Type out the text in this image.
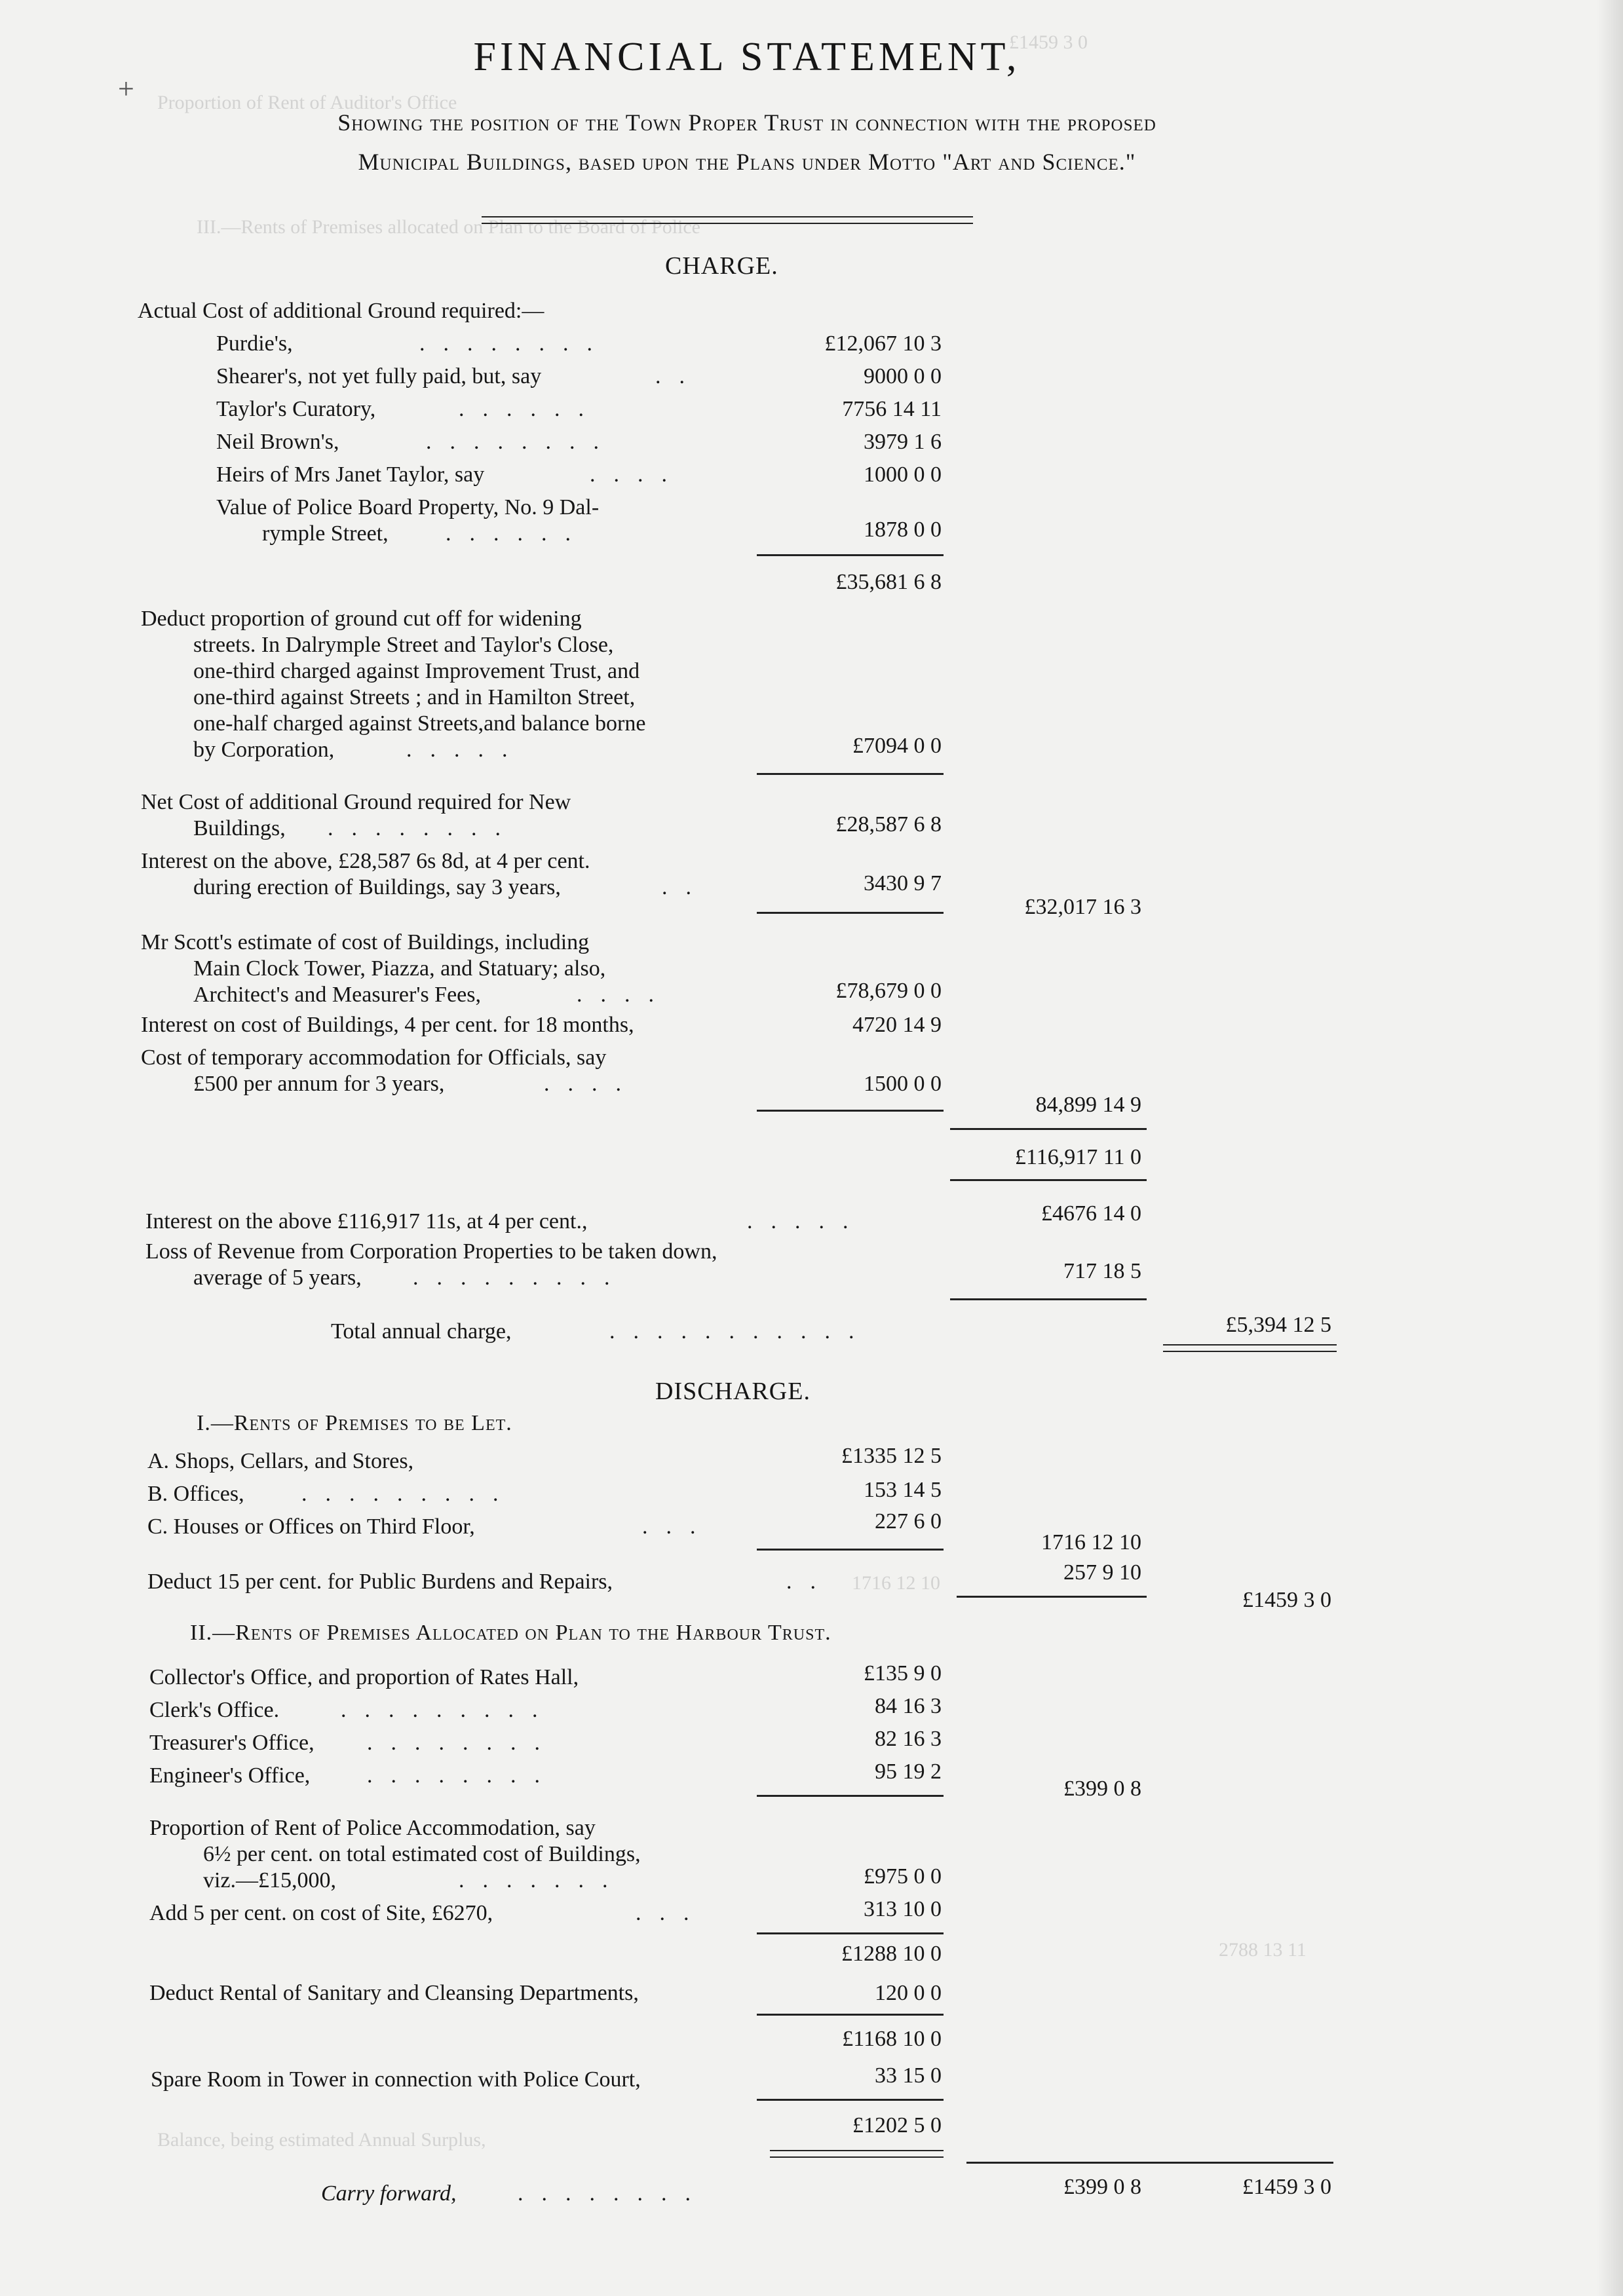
£1459 3 0
Proportion of Rent of Auditor's Office
III.—Rents of Premises allocated on Plan to the Board of Police
1716 12 10
2788 13 11
Balance, being estimated Annual Surplus,
FINANCIAL STATEMENT,
Showing the position of the Town Proper Trust in connection with the proposed
Municipal Buildings, based upon the Plans under Motto "Art and Science."
CHARGE.
Actual Cost of additional Ground required:—
Purdie's,	........	£12,067 10 3
Shearer's, not yet fully paid, but, say	..	9000 0 0
Taylor's Curatory,	......	7756 14 11
Neil Brown's,	........	3979 1 6
Heirs of Mrs Janet Taylor, say	....	1000 0 0
Value of Police Board Property, No. 9 Dal-
rymple Street,	......	1878 0 0
£35,681 6 8
Deduct proportion of ground cut off for widening
streets. In Dalrymple Street and Taylor's Close,
one-third charged against Improvement Trust, and
one-third against Streets ; and in Hamilton Street,
one-half charged against Streets,and balance borne
by Corporation,	.....	£7094 0 0
Net Cost of additional Ground required for New
Buildings, ........	£28,587 6 8
Interest on the above, £28,587 6s 8d, at 4 per cent.
during erection of Buildings, say 3 years,	..	3430 9 7
£32,017 16 3
Mr Scott's estimate of cost of Buildings, including
Main Clock Tower, Piazza, and Statuary; also,
Architect's and Measurer's Fees,	....	£78,679 0 0
Interest on cost of Buildings, 4 per cent. for 18 months,	4720 14 9
Cost of temporary accommodation for Officials, say
£500 per annum for 3 years,	....	1500 0 0
84,899 14 9
£116,917 11 0
Interest on the above £116,917 11s, at 4 per cent.,	.....	£4676 14 0
Loss of Revenue from Corporation Properties to be taken down,
average of 5 years, .........	717 18 5
Total annual charge,	...........	£5,394 12 5
DISCHARGE.
I.—Rents of Premises to be Let.
A. Shops, Cellars, and Stores,	£1335 12 5
B. Offices,	.........	153 14 5
C. Houses or Offices on Third Floor,	...	227 6 0
1716 12 10
Deduct 15 per cent. for Public Burdens and Repairs,	..	257 9 10
£1459 3 0
II.—Rents of Premises Allocated on Plan to the Harbour Trust.
Collector's Office, and proportion of Rates Hall,	£135 9 0
Clerk's Office.	.........	84 16 3
Treasurer's Office, ........	82 16 3
Engineer's Office,	........	95 19 2
£399 0 8
Proportion of Rent of Police Accommodation, say
6½ per cent. on total estimated cost of Buildings,
viz.—£15,000,	.......	£975 0 0
Add 5 per cent. on cost of Site, £6270,	...	313 10 0
£1288 10 0
Deduct Rental of Sanitary and Cleansing Departments,	120 0 0
£1168 10 0
Spare Room in Tower in connection with Police Court,	33 15 0
£1202 5 0
Carry forward,	........	£399 0 8	£1459 3 0
+
